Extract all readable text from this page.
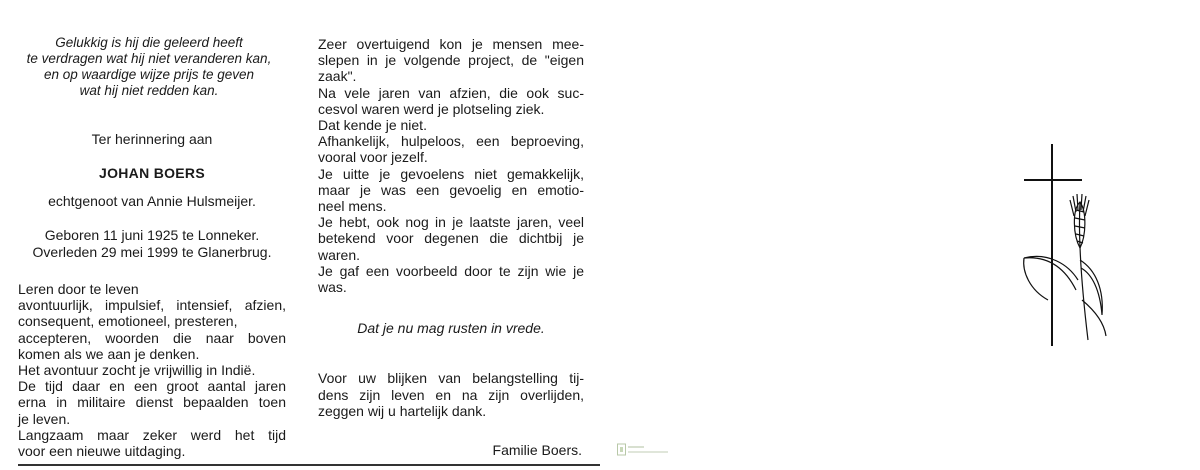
Gelukkig is hij die geleerd heeft
te verdragen wat hij niet veranderen kan,
en op waardige wijze prijs te geven
wat hij niet redden kan.
Ter herinnering aan
JOHAN BOERS
echtgenoot van Annie Hulsmeijer.
Geboren 11 juni 1925 te Lonneker.
Overleden 29 mei 1999 te Glanerbrug.
Leren door te leven
avontuurlijk, impulsief, intensief, afzien,
consequent, emotioneel, presteren,
accepteren, woorden die naar boven
komen als we aan je denken.
Het avontuur zocht je vrijwillig in Indië.
De tijd daar en een groot aantal jaren
erna in militaire dienst bepaalden toen
je leven.
Langzaam maar zeker werd het tijd
voor een nieuwe uitdaging.
Zeer overtuigend kon je mensen mee-
slepen in je volgende project, de "eigen
zaak".
Na vele jaren van afzien, die ook suc-
cesvol waren werd je plotseling ziek.
Dat kende je niet.
Afhankelijk, hulpeloos, een beproeving,
vooral voor jezelf.
Je uitte je gevoelens niet gemakkelijk,
maar je was een gevoelig en emotio-
neel mens.
Je hebt, ook nog in je laatste jaren, veel
betekend voor degenen die dichtbij je
waren.
Je gaf een voorbeeld door te zijn wie je
was.
Dat je nu mag rusten in vrede.
Voor uw blijken van belangstelling tij-
dens zijn leven en na zijn overlijden,
zeggen wij u hartelijk dank.
Familie Boers.
